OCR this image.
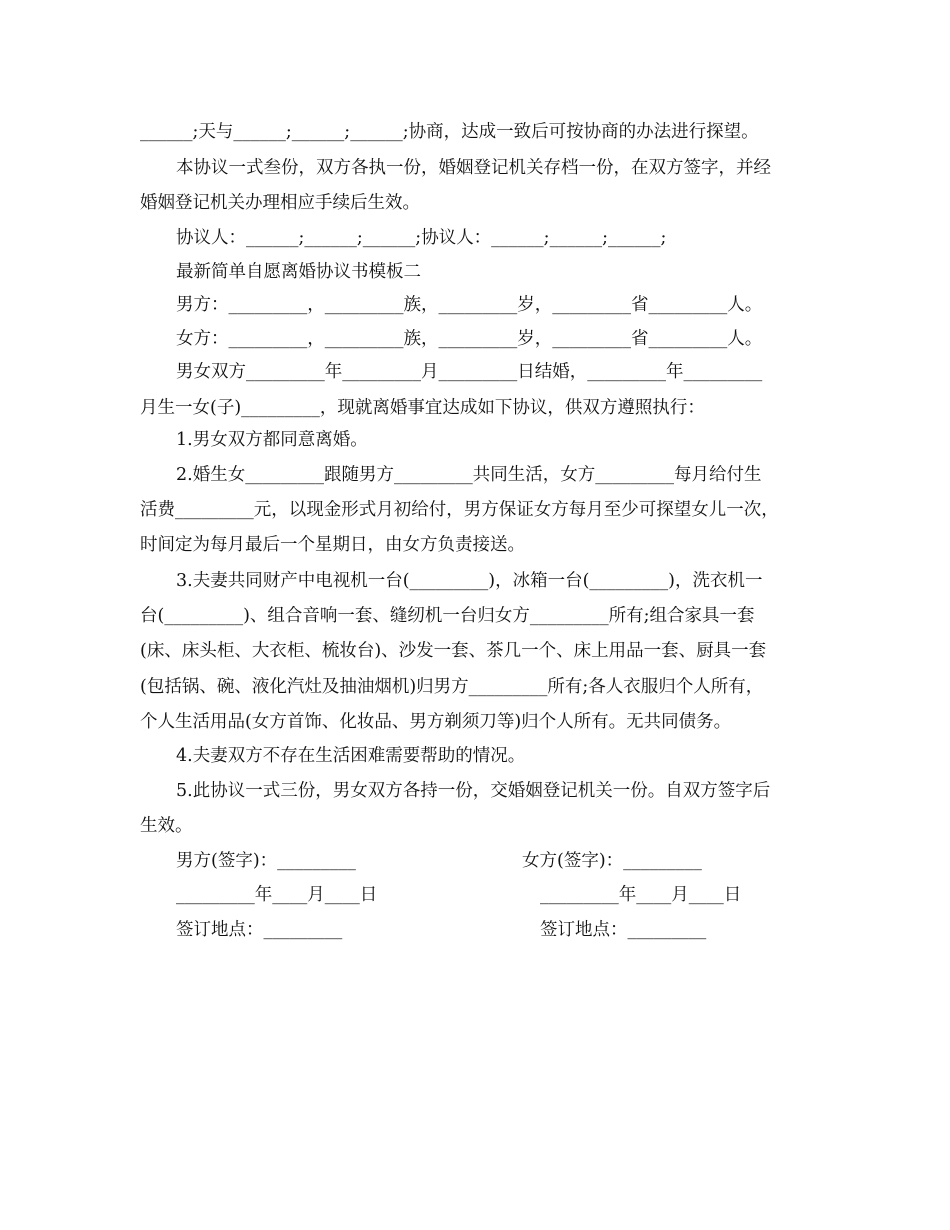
______;天与______;______;______;协商，达成一致后可按协商的办法进行探望。
本协议一式叁份，双方各执一份，婚姻登记机关存档一份，在双方签字，并经
婚姻登记机关办理相应手续后生效。
协议人：______;______;______;协议人：______;______;______;
最新简单自愿离婚协议书模板二
男方：_________，_________族，_________岁，_________省_________人。
女方：_________，_________族，_________岁，_________省_________人。
男女双方_________年_________月_________日结婚，_________年_________
月生一女(子)_________，现就离婚事宜达成如下协议，供双方遵照执行：
1.男女双方都同意离婚。
2.婚生女_________跟随男方_________共同生活，女方_________每月给付生
活费_________元，以现金形式月初给付，男方保证女方每月至少可探望女儿一次，
时间定为每月最后一个星期日，由女方负责接送。
3.夫妻共同财产中电视机一台(_________)，冰箱一台(_________)，洗衣机一
台(_________)、组合音响一套、缝纫机一台归女方_________所有;组合家具一套
(床、床头柜、大衣柜、梳妆台)、沙发一套、茶几一个、床上用品一套、厨具一套
(包括锅、碗、液化汽灶及抽油烟机)归男方_________所有;各人衣服归个人所有，
个人生活用品(女方首饰、化妆品、男方剃须刀等)归个人所有。无共同债务。
4.夫妻双方不存在生活困难需要帮助的情况。
5.此协议一式三份，男女双方各持一份，交婚姻登记机关一份。自双方签字后
生效。
男方(签字)：_________	女方(签字)：_________
_________年____月____日	_________年____月____日
签订地点：_________	签订地点：_________
